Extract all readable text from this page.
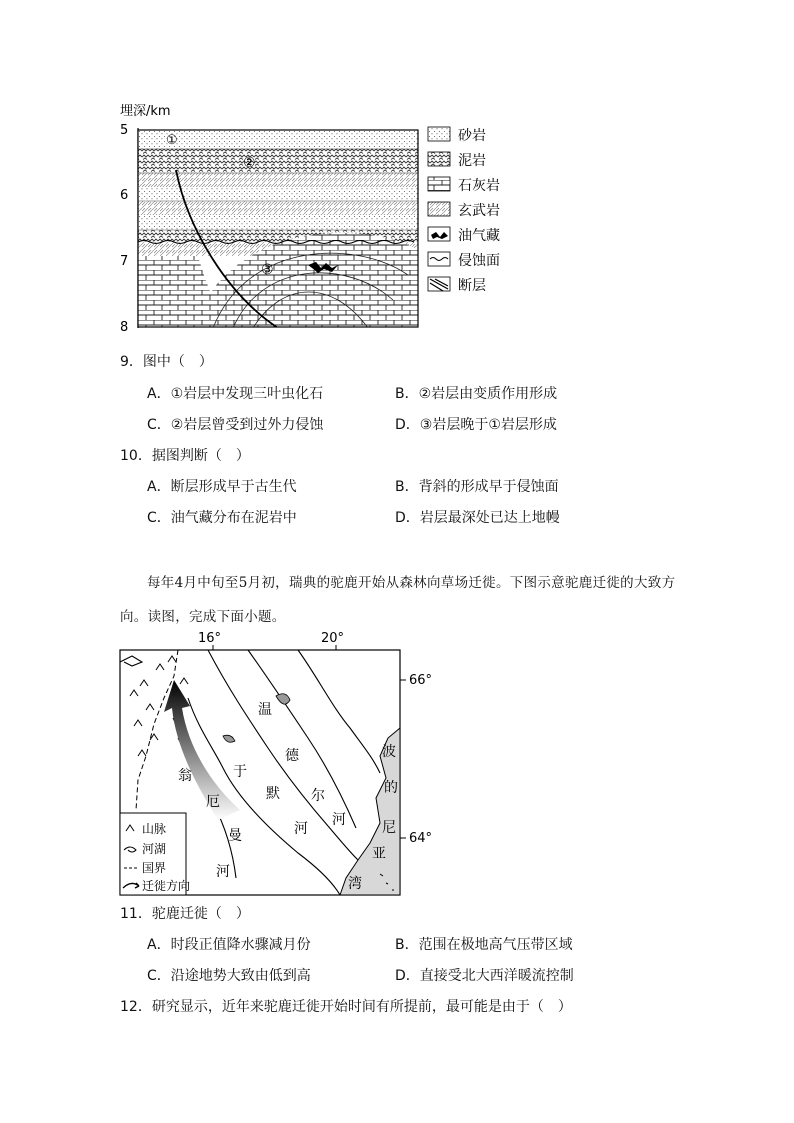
埋深/km
5
6
7
8
①
②
③
砂岩
泥岩
石灰岩
玄武岩
油气藏
侵蚀面
断层
9．图中（　）
A．①岩层中发现三叶虫化石	B．②岩层由变质作用形成
C．②岩层曾受到过外力侵蚀	D．③岩层晚于①岩层形成
10．据图判断（　）
A．断层形成早于古生代	B．背斜的形成早于侵蚀面
C．油气藏分布在泥岩中	D．岩层最深处已达上地幔
每年4月中旬至5月初，瑞典的驼鹿开始从森林向草场迁徙。下图示意驼鹿迁徙的大致方向。读图，完成下面小题。
16°	20°
66°
64°
温
德
尔
河
翁
厄
曼
河
于
默
河
波
的
尼
亚
湾
山脉
河湖
国界
迁徙方向
11．驼鹿迁徙（　）
A．时段正值降水骤减月份	B．范围在极地高气压带区域
C．沿途地势大致由低到高	D．直接受北大西洋暖流控制
12．研究显示，近年来驼鹿迁徙开始时间有所提前，最可能是由于（　）
